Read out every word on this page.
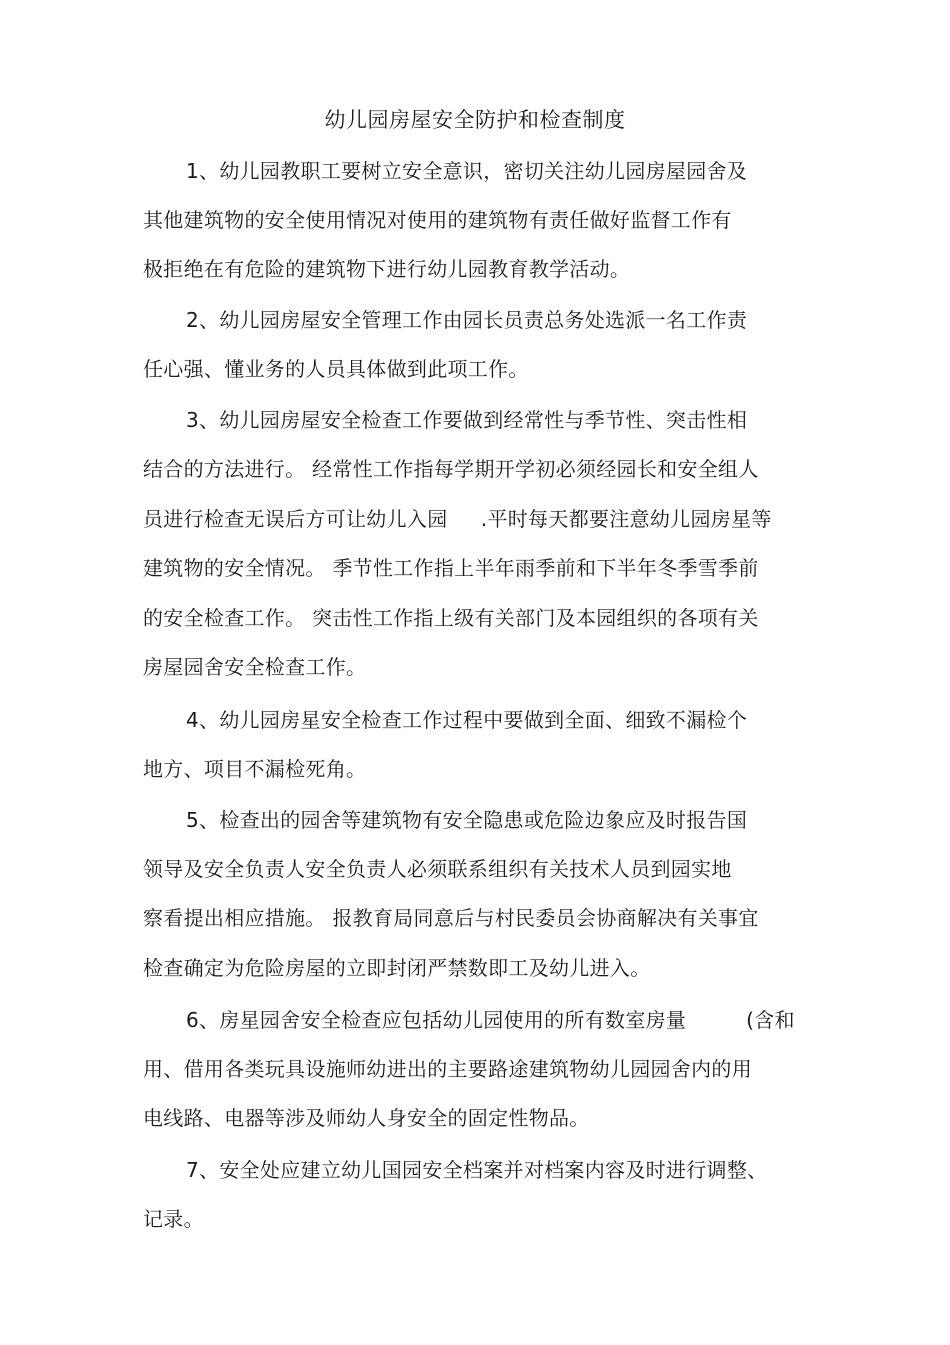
幼儿园房屋安全防护和检查制度
1、幼儿园教职工要树立安全意识，密切关注幼儿园房屋园舍及
其他建筑物的安全使用情况对使用的建筑物有责任做好监督工作有
极拒绝在有危险的建筑物下进行幼儿园教育教学活动。
2、幼儿园房屋安全管理工作由园长员责总务处选派一名工作责
任心强、懂业务的人员具体做到此项工作。
3、幼儿园房屋安全检查工作要做到经常性与季节性、突击性相
结合的方法进行。 经常性工作指每学期开学初必须经园长和安全组人
员进行检查无误后方可让幼儿入园     .平时每天都要注意幼儿园房星等
建筑物的安全情况。 季节性工作指上半年雨季前和下半年冬季雪季前
的安全检查工作。 突击性工作指上级有关部门及本园组织的各项有关
房屋园舍安全检查工作。
4、幼儿园房星安全检查工作过程中要做到全面、细致不漏检个
地方、项目不漏检死角。
5、检查出的园舍等建筑物有安全隐患或危险边象应及时报告国
领导及安全负责人安全负责人必须联系组织有关技术人员到园实地
察看提出相应措施。 报教育局同意后与村民委员会协商解决有关事宜
检查确定为危险房屋的立即封闭严禁数即工及幼儿进入。
6、房星园舍安全检查应包括幼儿园使用的所有数室房量         (含和
用、借用各类玩具设施师幼进出的主要路途建筑物幼儿园园舍内的用
电线路、电器等涉及师幼人身安全的固定性物品。
7、安全处应建立幼儿国园安全档案并对档案内容及时进行调整、
记录。
